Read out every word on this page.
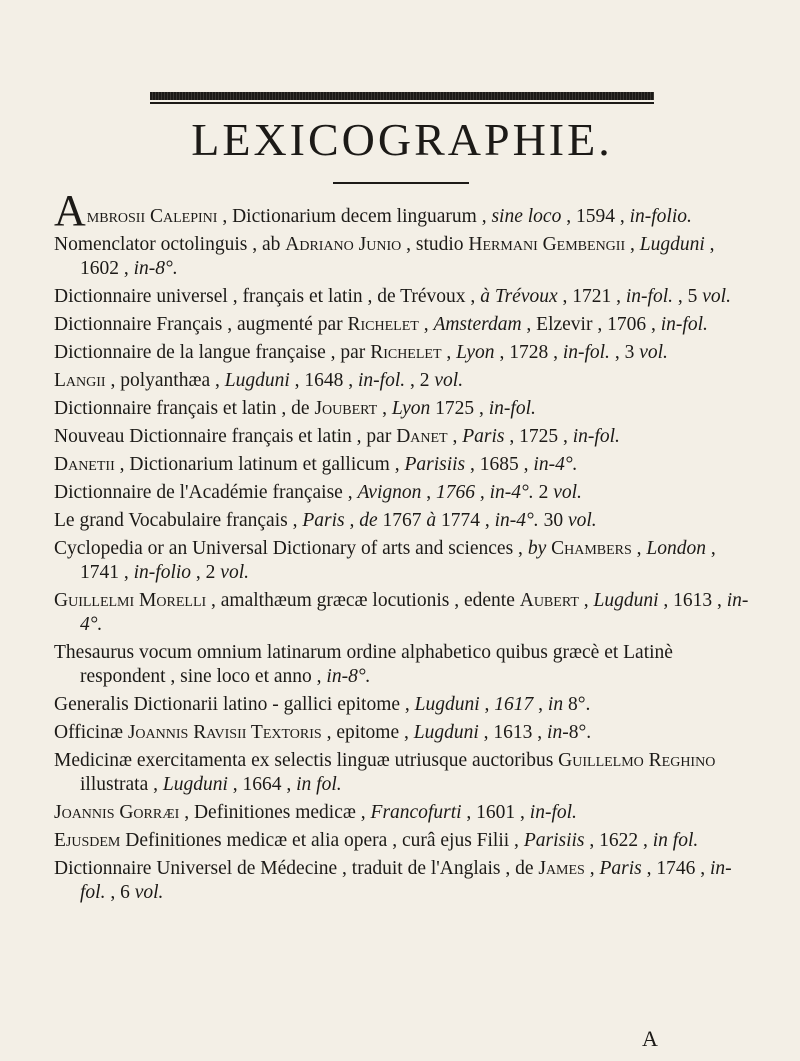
LEXICOGRAPHIE.

Ambrosii Calepini , Dictionarium decem linguarum , sine loco , 1594 , in-folio.

Nomenclator octolinguis , ab Adriano Junio , studio Hermani Gembengii , Lugduni , 1602 , in-8°.

Dictionnaire universel , français et latin , de Trévoux , à Trévoux , 1721 , in-fol. , 5 vol.

Dictionnaire Français , augmenté par Richelet , Amsterdam , Elzevir , 1706 , in-fol.

Dictionnaire de la langue française , par Richelet , Lyon , 1728 , in-fol. , 3 vol.

Langii , polyanthæa , Lugduni , 1648 , in-fol. , 2 vol.

Dictionnaire français et latin , de Joubert , Lyon 1725 , in-fol.

Nouveau Dictionnaire français et latin , par Danet , Paris , 1725 , in-fol.

Danetii , Dictionarium latinum et gallicum , Parisiis , 1685 , in-4°.

Dictionnaire de l'Académie française , Avignon , 1766 , in-4°. 2 vol.

Le grand Vocabulaire français , Paris , de 1767 à 1774 , in-4°. 30 vol.

Cyclopedia or an Universal Dictionary of arts and sciences , by Chambers , London , 1741 , in-folio , 2 vol.

Guillelmi Morelli , amalthæum græcæ locutionis , edente Aubert , Lugduni , 1613 , in-4°.

Thesaurus vocum omnium latinarum ordine alphabetico quibus græcè et Latinè respondent , sine loco et anno , in-8°.

Generalis Dictionarii latino - gallici epitome , Lugduni , 1617 , in 8°.

Officinæ Joannis Ravisii Textoris , epitome , Lugduni , 1613 , in-8°.

Medicinæ exercitamenta ex selectis linguæ utriusque auctoribus Guillelmo Reghino illustrata , Lugduni , 1664 , in fol.

Joannis Gorræi , Definitiones medicæ , Francofurti , 1601 , in-fol.

Ejusdem Definitiones medicæ et alia opera , curâ ejus Filii , Parisiis , 1622 , in fol.

Dictionnaire Universel de Médecine , traduit de l'Anglais , de James , Paris , 1746 , in-fol. , 6 vol.

A
